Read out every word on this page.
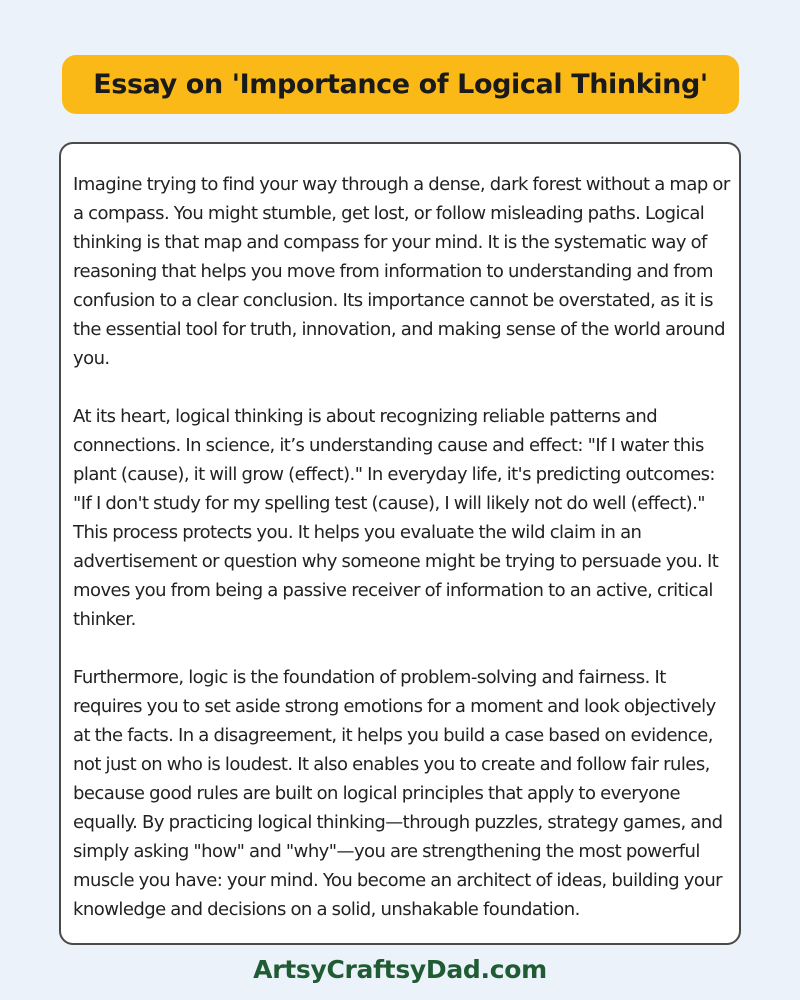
Essay on 'Importance of Logical Thinking'

Imagine trying to find your way through a dense, dark forest without a map or a compass. You might stumble, get lost, or follow misleading paths. Logical thinking is that map and compass for your mind. It is the systematic way of reasoning that helps you move from information to understanding and from confusion to a clear conclusion. Its importance cannot be overstated, as it is the essential tool for truth, innovation, and making sense of the world around you.

At its heart, logical thinking is about recognizing reliable patterns and connections. In science, it’s understanding cause and effect: "If I water this plant (cause), it will grow (effect)." In everyday life, it's predicting outcomes: "If I don't study for my spelling test (cause), I will likely not do well (effect)." This process protects you. It helps you evaluate the wild claim in an advertisement or question why someone might be trying to persuade you. It moves you from being a passive receiver of information to an active, critical thinker.

Furthermore, logic is the foundation of problem-solving and fairness. It requires you to set aside strong emotions for a moment and look objectively at the facts. In a disagreement, it helps you build a case based on evidence, not just on who is loudest. It also enables you to create and follow fair rules, because good rules are built on logical principles that apply to everyone equally. By practicing logical thinking—through puzzles, strategy games, and simply asking "how" and "why"—you are strengthening the most powerful muscle you have: your mind. You become an architect of ideas, building your knowledge and decisions on a solid, unshakable foundation.

ArtsyCraftsyDad.com
